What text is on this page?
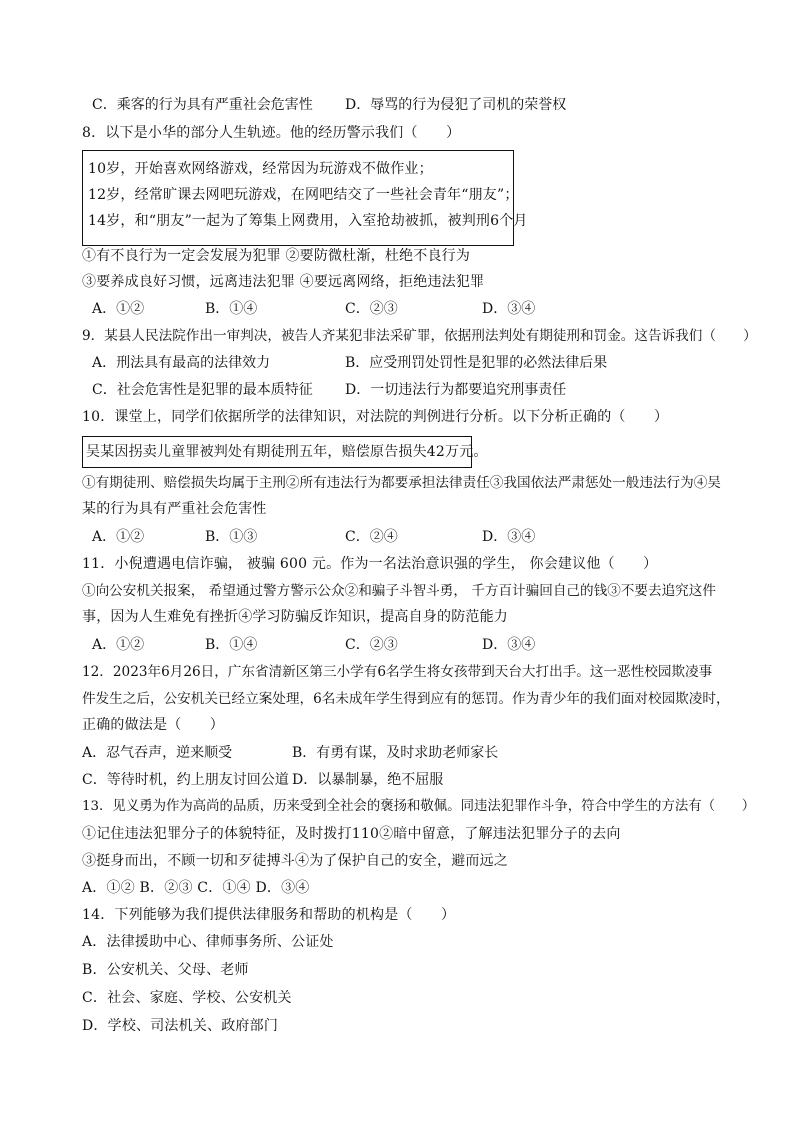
C．乘客的行为具有严重社会危害性 D．辱骂的行为侵犯了司机的荣誉权
8．以下是小华的部分人生轨迹。他的经历警示我们（　　）
10岁，开始喜欢网络游戏，经常因为玩游戏不做作业；
12岁，经常旷课去网吧玩游戏，在网吧结交了一些社会青年“朋友”；
14岁，和“朋友”一起为了筹集上网费用，入室抢劫被抓，被判刑6个月
①有不良行为一定会发展为犯罪 ②要防微杜渐，杜绝不良行为
③要养成良好习惯，远离违法犯罪 ④要远离网络，拒绝违法犯罪
A．①②	B．①④	C．②③	D．③④
9．某县人民法院作出一审判决，被告人齐某犯非法采矿罪，依据刑法判处有期徒刑和罚金。这告诉我们（　　）
A．刑法具有最高的法律效力	B．应受刑罚处罚性是犯罪的必然法律后果
C．社会危害性是犯罪的最本质特征 D．一切违法行为都要追究刑事责任
10．课堂上，同学们依据所学的法律知识，对法院的判例进行分析。以下分析正确的（　　）
吴某因拐卖儿童罪被判处有期徒刑五年，赔偿原告损失42万元。
①有期徒刑、赔偿损失均属于主刑②所有违法行为都要承担法律责任③我国依法严肃惩处一般违法行为④吴
某的行为具有严重社会危害性
A．①②	B．①③	C．②④	D．③④
11．小倪遭遇电信诈骗， 被骗 600 元。作为一名法治意识强的学生， 你会建议他（　　）
①向公安机关报案， 希望通过警方警示公众②和骗子斗智斗勇， 千方百计骗回自己的钱③不要去追究这件
事，因为人生难免有挫折④学习防骗反诈知识，提高自身的防范能力
A．①②	B．①④	C．②③	D．③④
12．2023年6月26日，广东省清新区第三小学有6名学生将女孩带到天台大打出手。这一恶性校园欺凌事
件发生之后，公安机关已经立案处理，6名未成年学生得到应有的惩罚。作为青少年的我们面对校园欺凌时，
正确的做法是（　　）
A．忍气吞声，逆来顺受	B．有勇有谋，及时求助老师家长
C．等待时机，约上朋友讨回公道 D．以暴制暴，绝不屈服
13．见义勇为作为高尚的品质，历来受到全社会的褒扬和敬佩。同违法犯罪作斗争，符合中学生的方法有（　　）
①记住违法犯罪分子的体貌特征，及时拨打110②暗中留意，了解违法犯罪分子的去向
③挺身而出，不顾一切和歹徒搏斗④为了保护自己的安全，避而远之
A．①② B．②③ C．①④ D．③④
14．下列能够为我们提供法律服务和帮助的机构是（　　）
A．法律援助中心、律师事务所、公证处
B．公安机关、父母、老师
C．社会、家庭、学校、公安机关
D．学校、司法机关、政府部门
